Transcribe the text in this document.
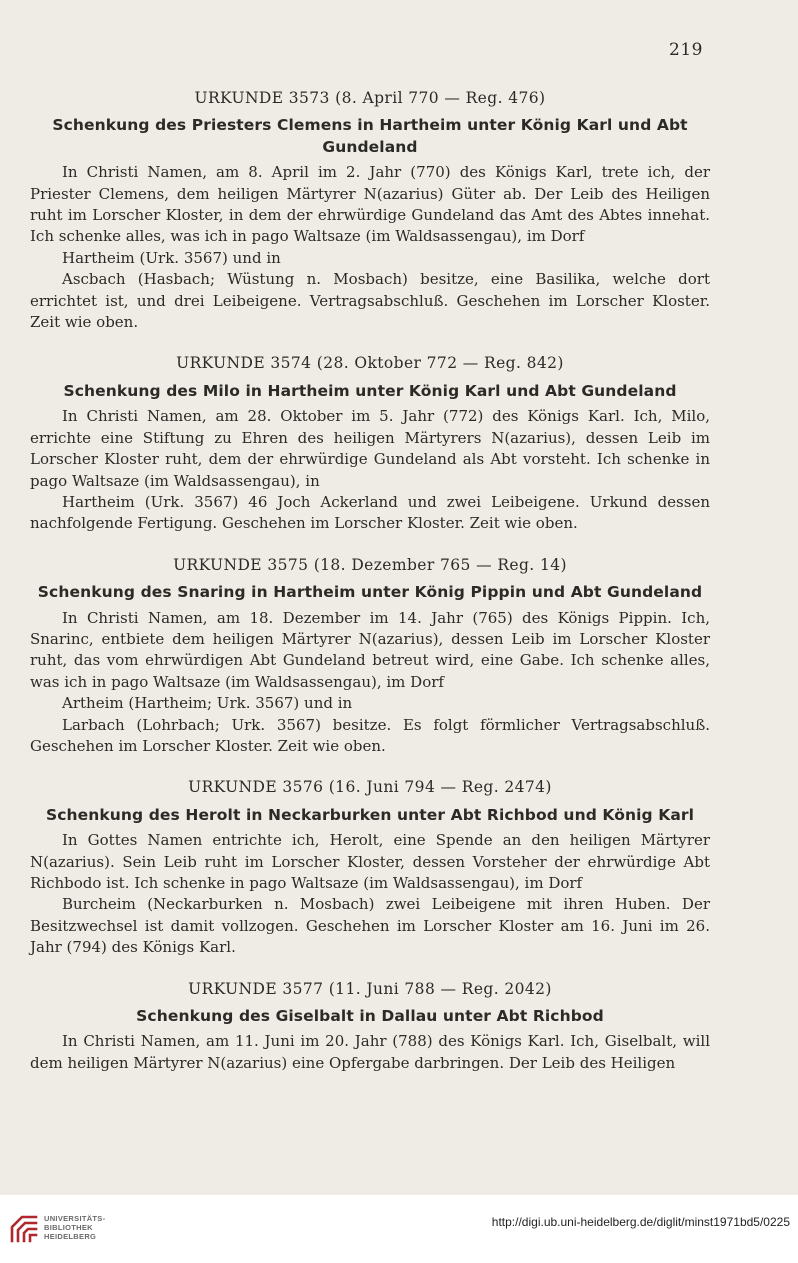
219

URKUNDE 3573 (8. April 770 — Reg. 476)

Schenkung des Priesters Clemens in Hartheim unter König Karl und Abt Gundeland

In Christi Namen, am 8. April im 2. Jahr (770) des Königs Karl, trete ich, der Priester Clemens, dem heiligen Märtyrer N(azarius) Güter ab. Der Leib des Heiligen ruht im Lorscher Kloster, in dem der ehrwürdige Gundeland das Amt des Abtes innehat. Ich schenke alles, was ich in pago Waltsaze (im Waldsassengau), im Dorf

Hartheim (Urk. 3567) und in

Ascbach (Hasbach; Wüstung n. Mosbach) besitze, eine Basilika, welche dort errichtet ist, und drei Leibeigene. Vertragsabschluß. Geschehen im Lorscher Kloster. Zeit wie oben.

URKUNDE 3574 (28. Oktober 772 — Reg. 842)

Schenkung des Milo in Hartheim unter König Karl und Abt Gundeland

In Christi Namen, am 28. Oktober im 5. Jahr (772) des Königs Karl. Ich, Milo, errichte eine Stiftung zu Ehren des heiligen Märtyrers N(azarius), dessen Leib im Lorscher Kloster ruht, dem der ehrwürdige Gundeland als Abt vorsteht. Ich schenke in pago Waltsaze (im Waldsassengau), in

Hartheim (Urk. 3567) 46 Joch Ackerland und zwei Leibeigene. Urkund dessen nachfolgende Fertigung. Geschehen im Lorscher Kloster. Zeit wie oben.

URKUNDE 3575 (18. Dezember 765 — Reg. 14)

Schenkung des Snaring in Hartheim unter König Pippin und Abt Gundeland

In Christi Namen, am 18. Dezember im 14. Jahr (765) des Königs Pippin. Ich, Snarinc, entbiete dem heiligen Märtyrer N(azarius), dessen Leib im Lorscher Kloster ruht, das vom ehrwürdigen Abt Gundeland betreut wird, eine Gabe. Ich schenke alles, was ich in pago Waltsaze (im Waldsassengau), im Dorf

Artheim (Hartheim; Urk. 3567) und in

Larbach (Lohrbach; Urk. 3567) besitze. Es folgt förmlicher Vertragsabschluß. Geschehen im Lorscher Kloster. Zeit wie oben.

URKUNDE 3576 (16. Juni 794 — Reg. 2474)

Schenkung des Herolt in Neckarburken unter Abt Richbod und König Karl

In Gottes Namen entrichte ich, Herolt, eine Spende an den heiligen Märtyrer N(azarius). Sein Leib ruht im Lorscher Kloster, dessen Vorsteher der ehrwürdige Abt Richbodo ist. Ich schenke in pago Waltsaze (im Waldsassengau), im Dorf

Burcheim (Neckarburken n. Mosbach) zwei Leibeigene mit ihren Huben. Der Besitzwechsel ist damit vollzogen. Geschehen im Lorscher Kloster am 16. Juni im 26. Jahr (794) des Königs Karl.

URKUNDE 3577 (11. Juni 788 — Reg. 2042)

Schenkung des Giselbalt in Dallau unter Abt Richbod

In Christi Namen, am 11. Juni im 20. Jahr (788) des Königs Karl. Ich, Giselbalt, will dem heiligen Märtyrer N(azarius) eine Opfergabe darbringen. Der Leib des Heiligen

UNIVERSITÄTS-
BIBLIOTHEK
HEIDELBERG
http://digi.ub.uni-heidelberg.de/diglit/minst1971bd5/0225
